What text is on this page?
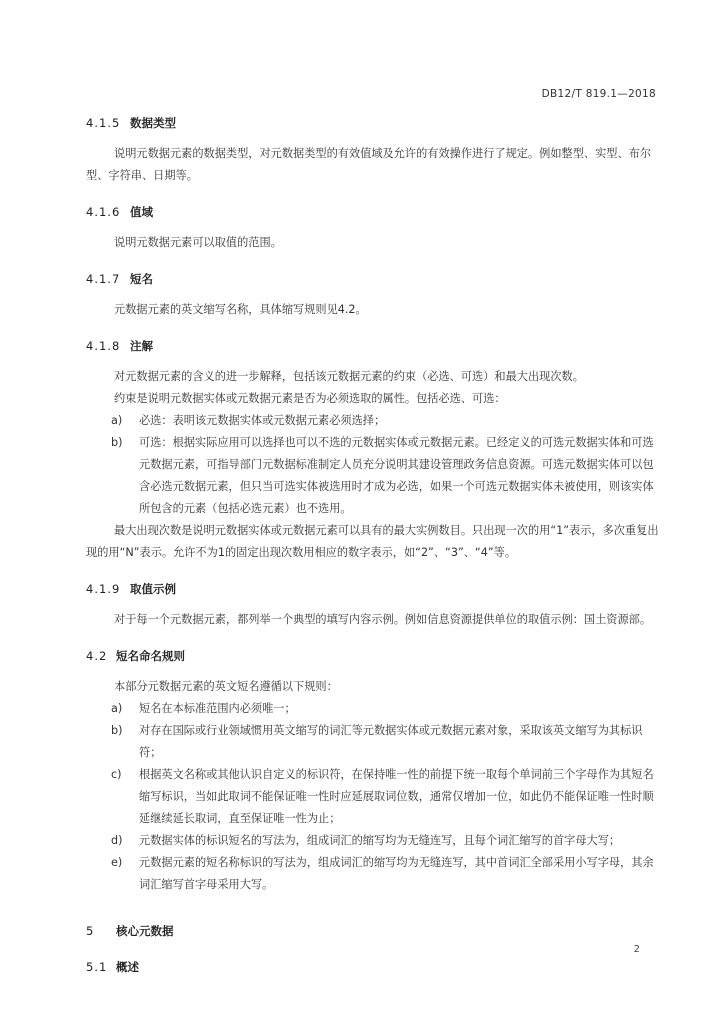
DB12/T 819.1—2018
4.1.5 数据类型

说明元数据元素的数据类型，对元数据类型的有效值域及允许的有效操作进行了规定。例如整型、实型、布尔型、字符串、日期等。

4.1.6 值域

说明元数据元素可以取值的范围。

4.1.7 短名

元数据元素的英文缩写名称，具体缩写规则见4.2。

4.1.8 注解

对元数据元素的含义的进一步解释，包括该元数据元素的约束（必选、可选）和最大出现次数。

约束是说明元数据实体或元数据元素是否为必须选取的属性。包括必选、可选：

a) 必选：表明该元数据实体或元数据元素必须选择；
b) 可选：根据实际应用可以选择也可以不选的元数据实体或元数据元素。已经定义的可选元数据实体和可选元数据元素，可指导部门元数据标准制定人员充分说明其建设管理政务信息资源。可选元数据实体可以包含必选元数据元素，但只当可选实体被选用时才成为必选，如果一个可选元数据实体未被使用，则该实体所包含的元素（包括必选元素）也不选用。

最大出现次数是说明元数据实体或元数据元素可以具有的最大实例数目。只出现一次的用“1”表示，多次重复出现的用“N”表示。允许不为1的固定出现次数用相应的数字表示，如“2”、“3”、“4”等。

4.1.9 取值示例

对于每一个元数据元素，都列举一个典型的填写内容示例。例如信息资源提供单位的取值示例：国土资源部。

4.2 短名命名规则

本部分元数据元素的英文短名遵循以下规则：

a) 短名在本标准范围内必须唯一；
b) 对存在国际或行业领域惯用英文缩写的词汇等元数据实体或元数据元素对象，采取该英文缩写为其标识符；
c) 根据英文名称或其他认识自定义的标识符，在保持唯一性的前提下统一取每个单词前三个字母作为其短名缩写标识，当如此取词不能保证唯一性时应延展取词位数，通常仅增加一位，如此仍不能保证唯一性时顺延继续延长取词，直至保证唯一性为止；
d) 元数据实体的标识短名的写法为，组成词汇的缩写均为无缝连写，且每个词汇缩写的首字母大写；
e) 元数据元素的短名称标识的写法为，组成词汇的缩写均为无缝连写，其中首词汇全部采用小写字母，其余词汇缩写首字母采用大写。
5 核心元数据
5.1 概述
2
